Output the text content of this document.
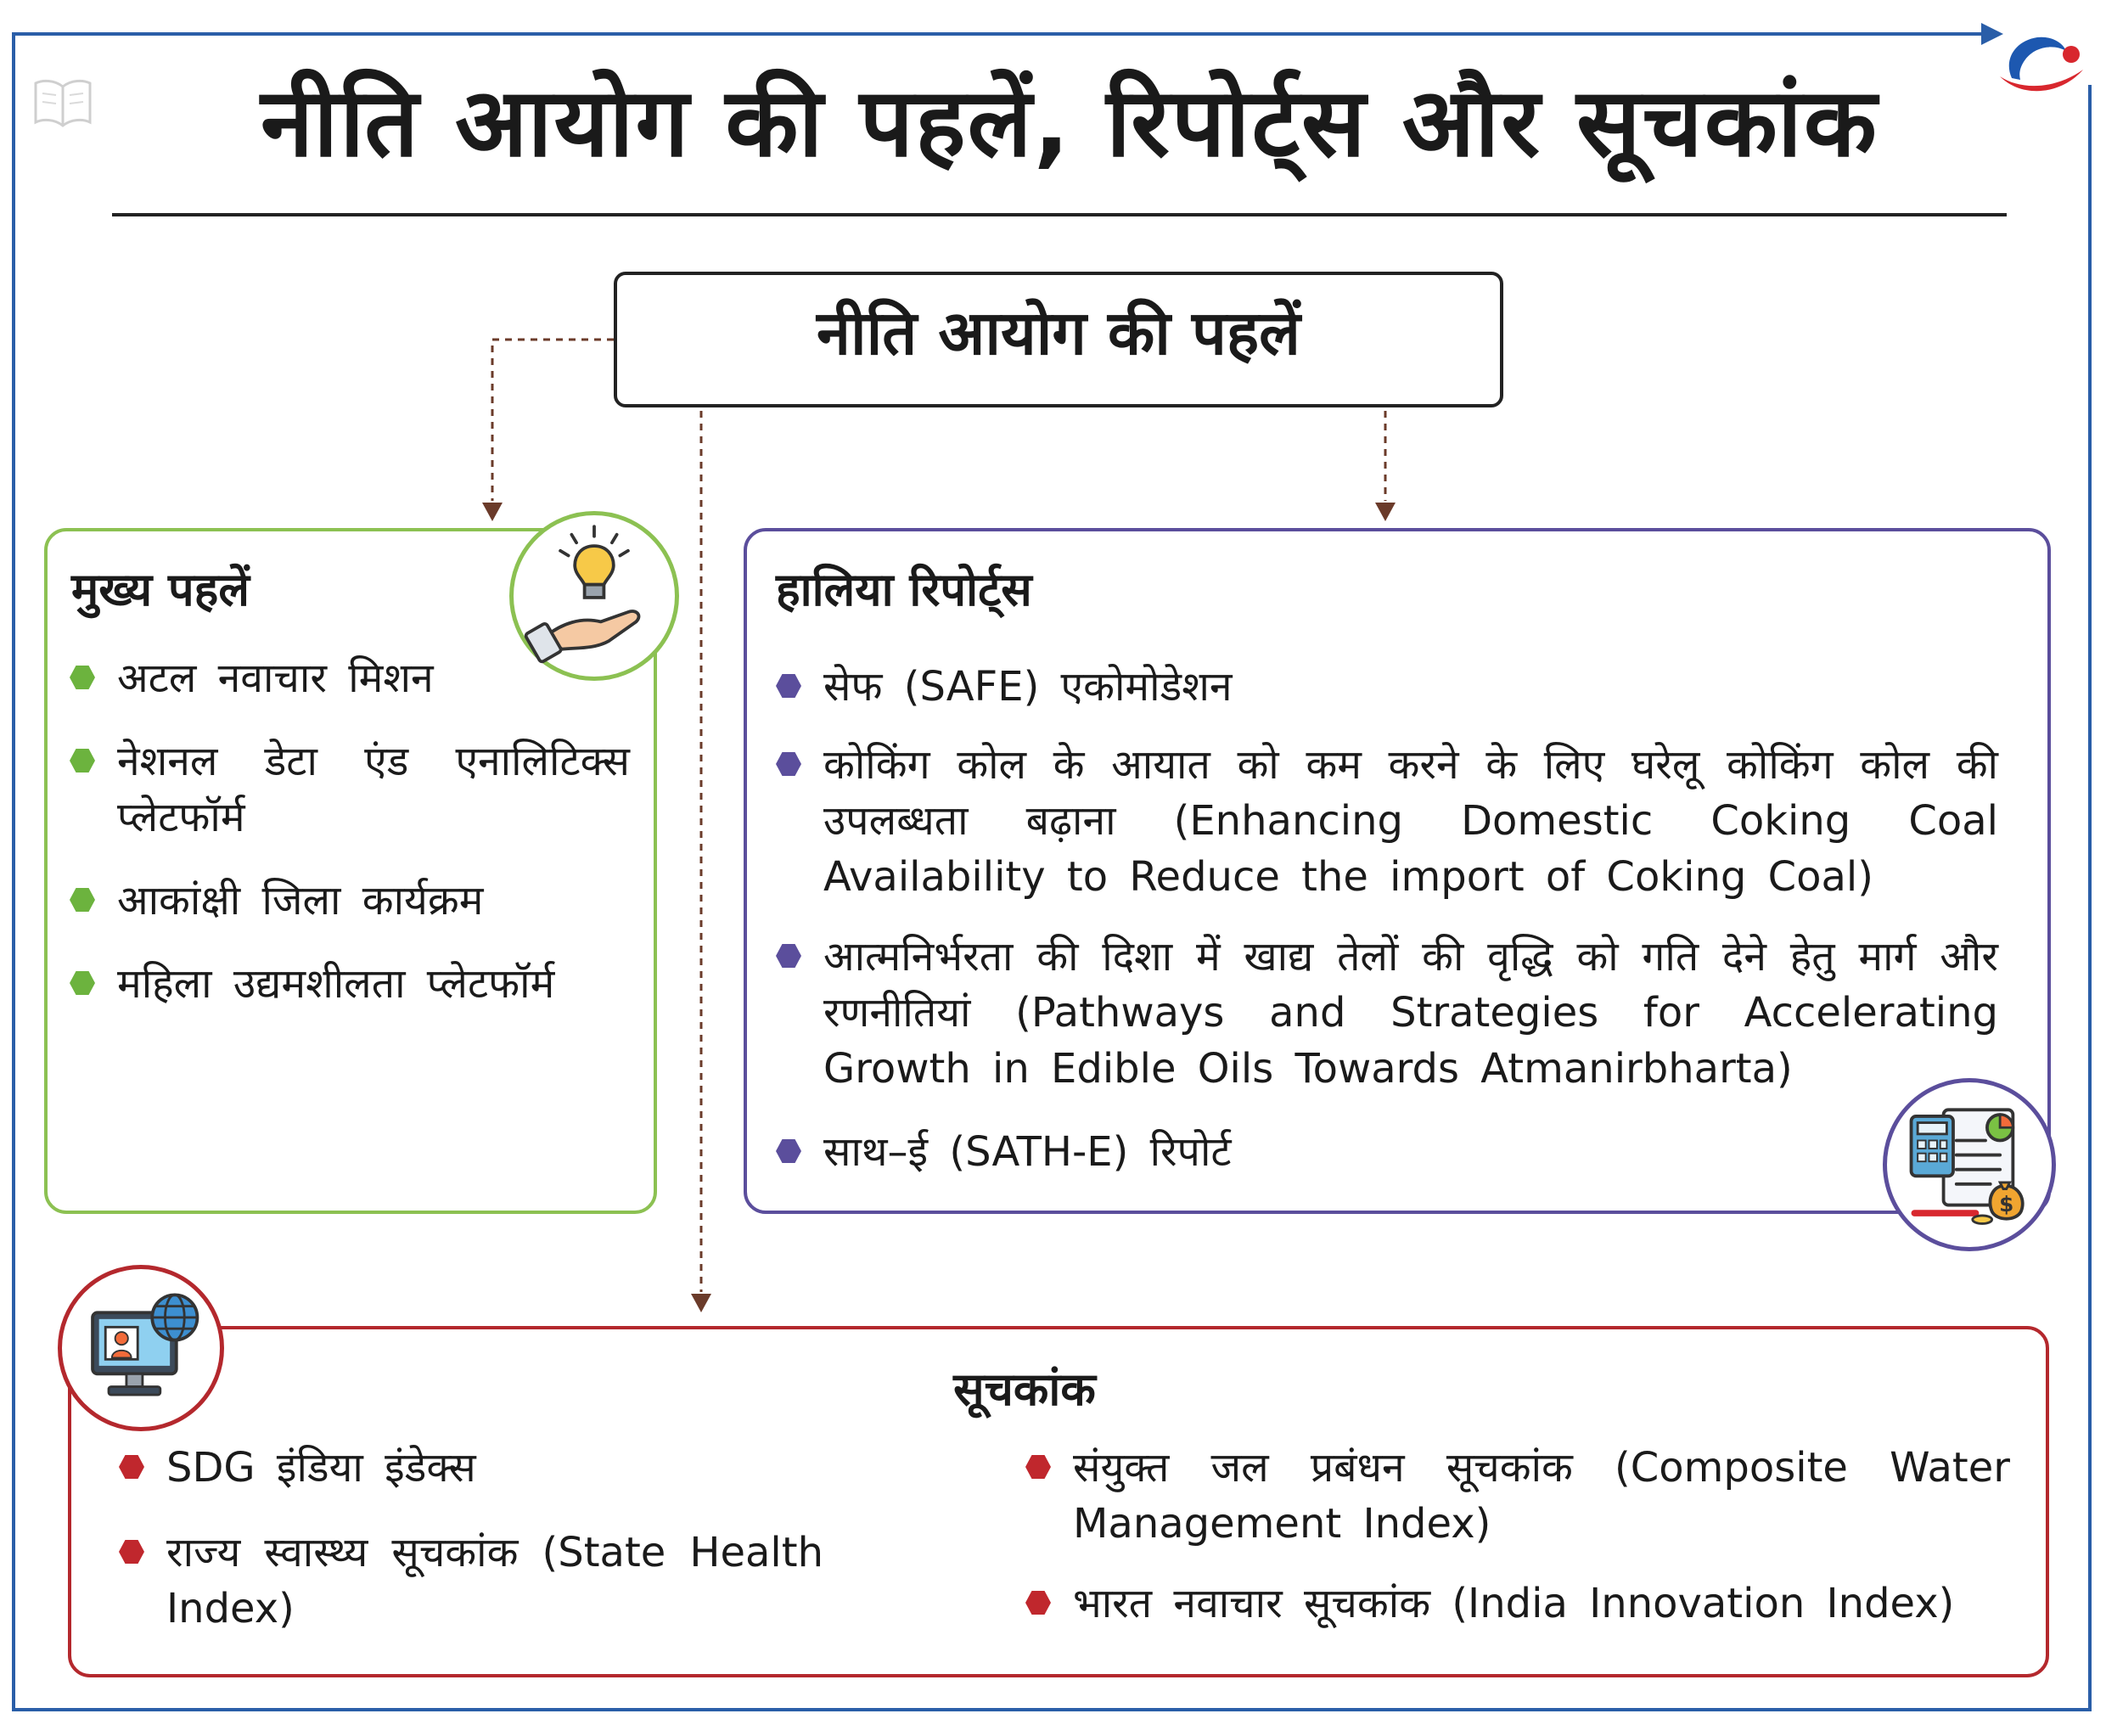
नीति आयोग की पहलें, रिपोर्ट्स और सूचकांक
नीति आयोग की पहलें
मुख्य पहलें
अटल नवाचार मिशन
नेशनल डेटा एंड एनालिटिक्स प्लेटफॉर्म
आकांक्षी जिला कार्यक्रम
महिला उद्यमशीलता प्लेटफॉर्म
हालिया रिपोर्ट्स
सेफ (SAFE) एकोमोडेशन
कोकिंग कोल के आयात को कम करने के लिए घरेलू कोकिंग कोल की उपलब्धता बढ़ाना (Enhancing Domestic Coking Coal Availability to Reduce the import of Coking Coal)
आत्मनिर्भरता की दिशा में खाद्य तेलों की वृद्धि को गति देने हेतु मार्ग और रणनीतियां (Pathways and Strategies for Accelerating Growth in Edible Oils Towards Atmanirbharta)
साथ–ई (SATH-E) रिपोर्ट
$
सूचकांक
SDG इंडिया इंडेक्स
राज्य स्वास्थ्य सूचकांक (State Health Index)
संयुक्त जल प्रबंधन सूचकांक (Composite Water Management Index)
भारत नवाचार सूचकांक (India Innovation Index)
